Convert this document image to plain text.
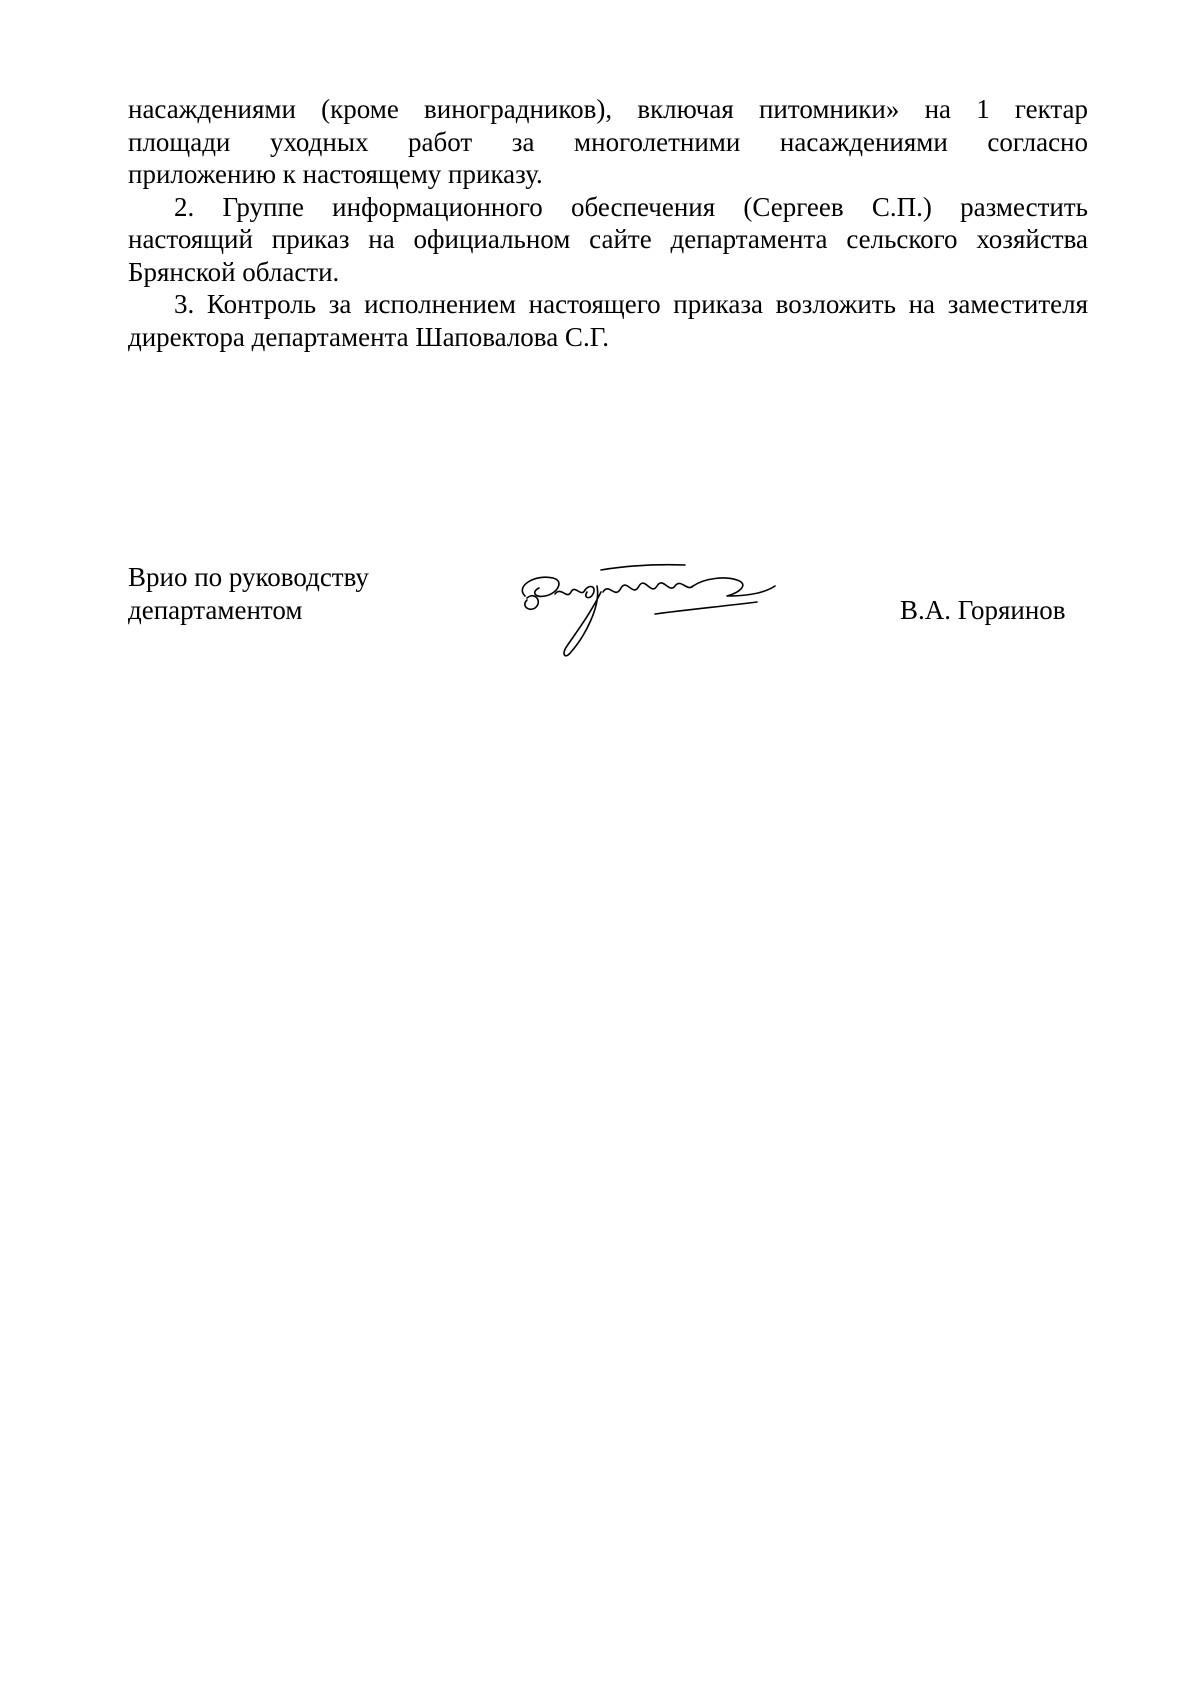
насаждениями (кроме виноградников), включая питомники» на 1 гектар
площади уходных работ за многолетними насаждениями согласно
приложению к настоящему приказу.

2. Группе информационного обеспечения (Сергеев С.П.) разместить
настоящий приказ на официальном сайте департамента сельского хозяйства
Брянской области.

3. Контроль за исполнением настоящего приказа возложить на заместителя
директора департамента Шаповалова С.Г.

Врио по руководству
департаментом	В.А. Горяинов
